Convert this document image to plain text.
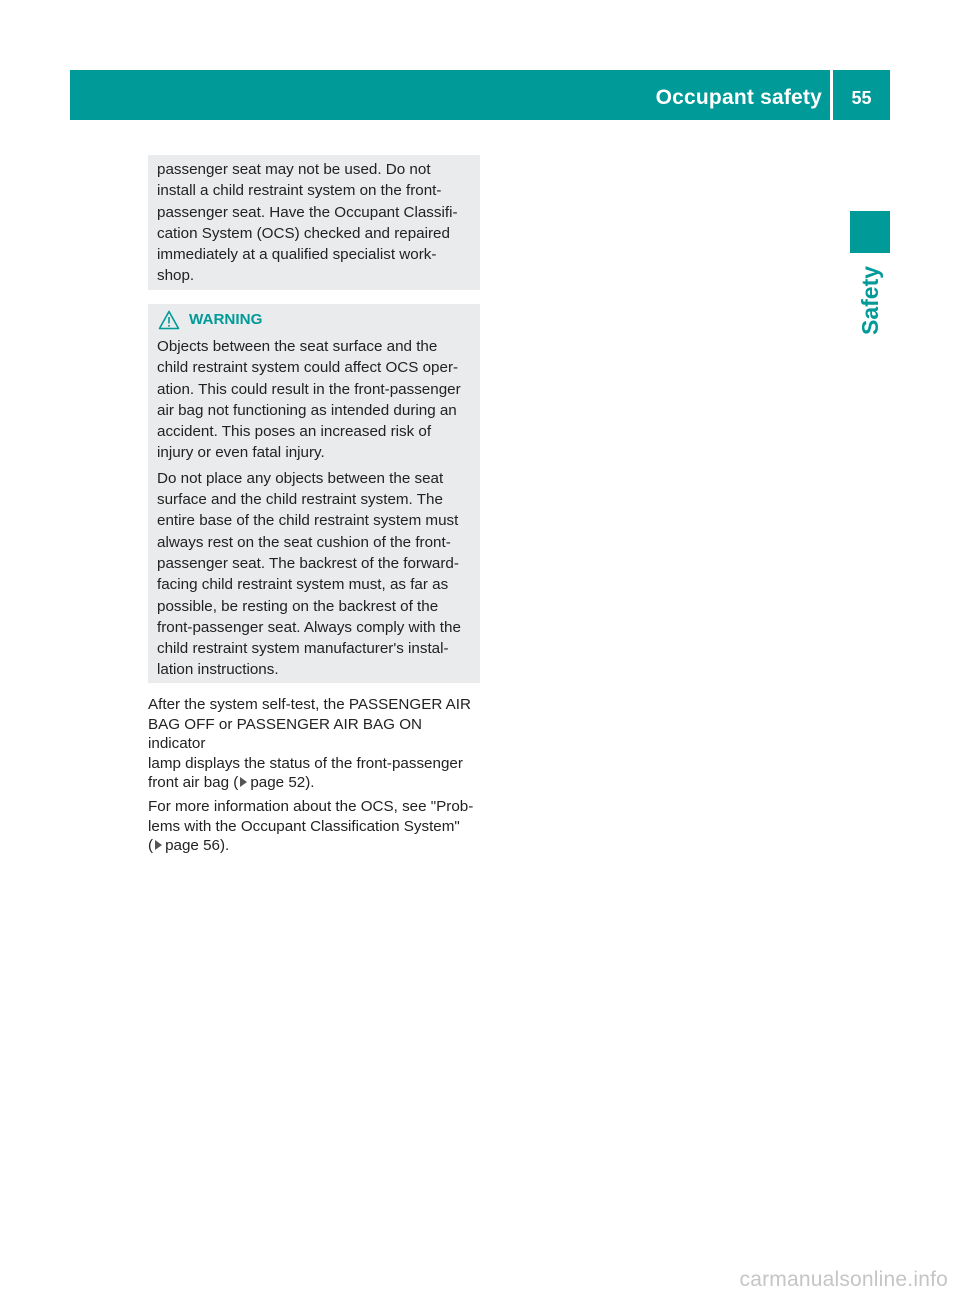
Occupant safety	55
Safety
passenger seat may not be used. Do not
install a child restraint system on the front-
passenger seat. Have the Occupant Classifi-
cation System (OCS) checked and repaired
immediately at a qualified specialist work-
shop.
WARNING
Objects between the seat surface and the
child restraint system could affect OCS oper-
ation. This could result in the front-passenger
air bag not functioning as intended during an
accident. This poses an increased risk of
injury or even fatal injury.
Do not place any objects between the seat
surface and the child restraint system. The
entire base of the child restraint system must
always rest on the seat cushion of the front-
passenger seat. The backrest of the forward-
facing child restraint system must, as far as
possible, be resting on the backrest of the
front-passenger seat. Always comply with the
child restraint system manufacturer's instal-
lation instructions.

After the system self-test, the PASSENGER AIR
BAG OFF or PASSENGER AIR BAG ON indicator
lamp displays the status of the front-passenger
front air bag ( page 52).

For more information about the OCS, see "Prob-
lems with the Occupant Classification System"
( page 56).

carmanualsonline.info
